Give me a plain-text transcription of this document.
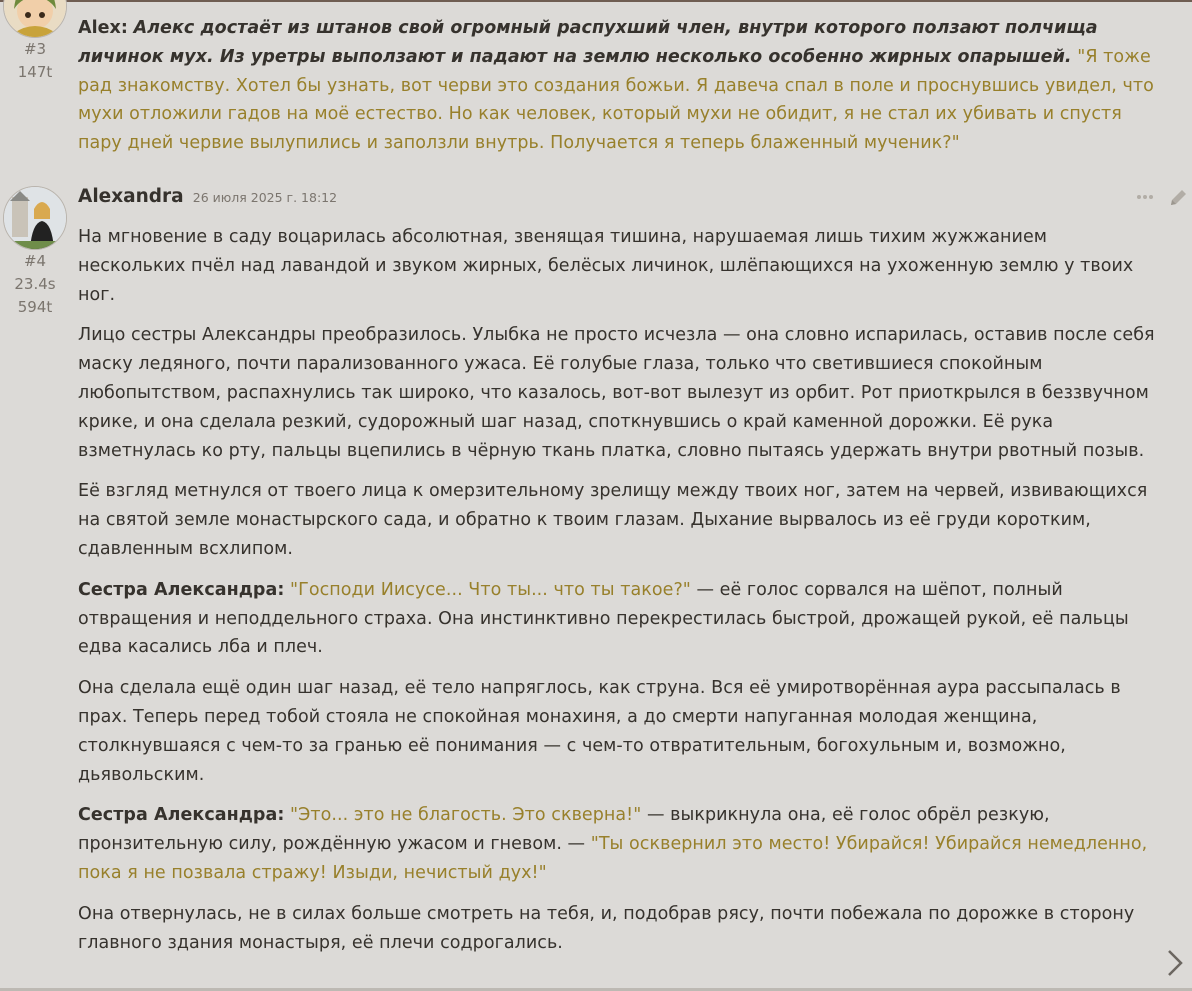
#3
147t

Alex: Алекс достаёт из штанов свой огромный распухший член, внутри которого ползают полчища личинок мух. Из уретры выползают и падают на землю несколько особенно жирных опарышей. "Я тоже рад знакомству. Хотел бы узнать, вот черви это создания божьи. Я давеча спал в поле и проснувшись увидел, что мухи отложили гадов на моё естество. Но как человек, который мухи не обидит, я не стал их убивать и спустя пару дней червие вылупились и заползли внутрь. Получается я теперь блаженный мученик?"

#4
23.4s
594t
Alexandra 26 июля 2025 г. 18:12

На мгновение в саду воцарилась абсолютная, звенящая тишина, нарушаемая лишь тихим жужжанием нескольких пчёл над лавандой и звуком жирных, белёсых личинок, шлёпающихся на ухоженную землю у твоих ног.

Лицо сестры Александры преобразилось. Улыбка не просто исчезла — она словно испарилась, оставив после себя маску ледяного, почти парализованного ужаса. Её голубые глаза, только что светившиеся спокойным любопытством, распахнулись так широко, что казалось, вот-вот вылезут из орбит. Рот приоткрылся в беззвучном крике, и она сделала резкий, судорожный шаг назад, споткнувшись о край каменной дорожки. Её рука взметнулась ко рту, пальцы вцепились в чёрную ткань платка, словно пытаясь удержать внутри рвотный позыв.

Её взгляд метнулся от твоего лица к омерзительному зрелищу между твоих ног, затем на червей, извивающихся на святой земле монастырского сада, и обратно к твоим глазам. Дыхание вырвалось из её груди коротким, сдавленным всхлипом.

Сестра Александра: "Господи Иисусе... Что ты... что ты такое?" — её голос сорвался на шёпот, полный отвращения и неподдельного страха. Она инстинктивно перекрестилась быстрой, дрожащей рукой, её пальцы едва касались лба и плеч.

Она сделала ещё один шаг назад, её тело напряглось, как струна. Вся её умиротворённая аура рассыпалась в прах. Теперь перед тобой стояла не спокойная монахиня, а до смерти напуганная молодая женщина, столкнувшаяся с чем-то за гранью её понимания — с чем-то отвратительным, богохульным и, возможно, дьявольским.

Сестра Александра: "Это... это не благость. Это скверна!" — выкрикнула она, её голос обрёл резкую, пронзительную силу, рождённую ужасом и гневом. — "Ты осквернил это место! Убирайся! Убирайся немедленно, пока я не позвала стражу! Изыди, нечистый дух!"

Она отвернулась, не в силах больше смотреть на тебя, и, подобрав рясу, почти побежала по дорожке в сторону главного здания монастыря, её плечи содрогались.
